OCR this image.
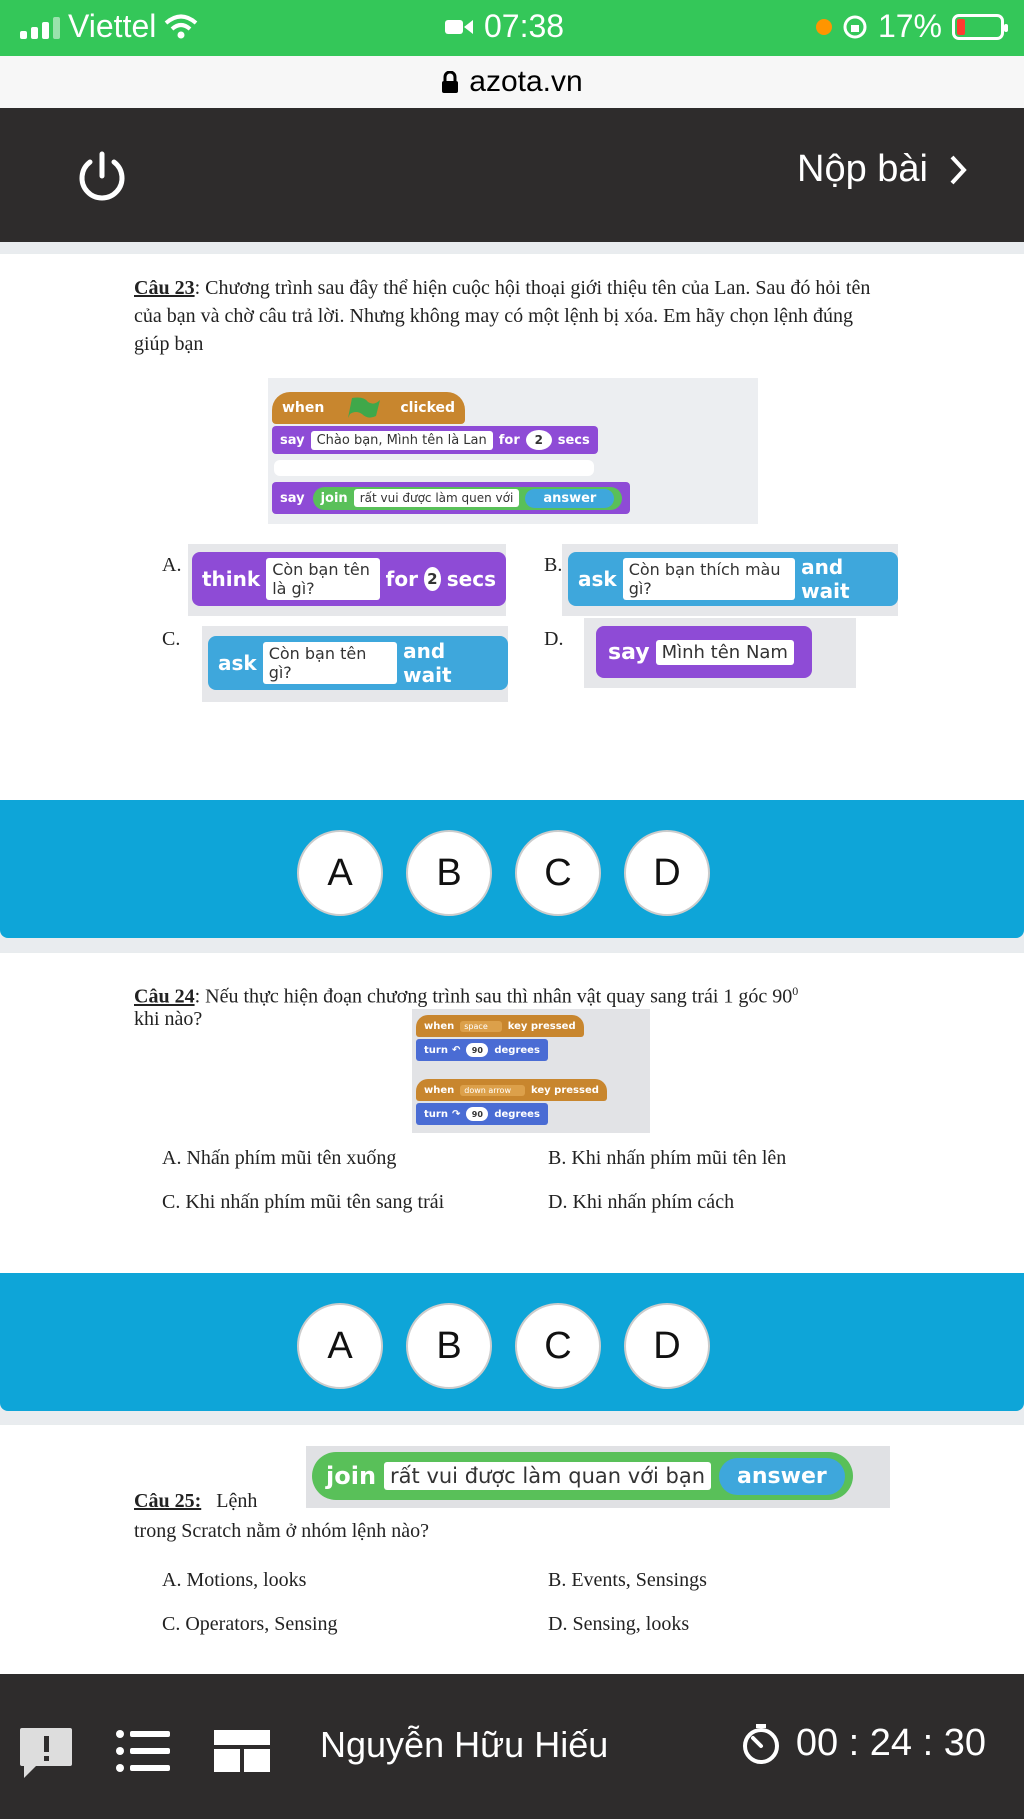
Viettel	07:38	17%
azota.vn
Nộp bài
Câu 23: Chương trình sau đây thể hiện cuộc hội thoại giới thiệu tên của Lan. Sau đó hỏi tên của bạn và chờ câu trả lời. Nhưng không may có một lệnh bị xóa. Em hãy chọn lệnh đúng giúp bạn
when	clicked
say Chào bạn, Mình tên là Lan for	2	secs
say join	rất vui được làm quen với	answer
A.
think Còn bạn tên là gì?	for 2 secs
B.
ask Còn bạn thích màu gì?
and wait
C.
ask Còn bạn tên gì?
and wait
D.
say Mình tên Nam
A	B	C	D
Câu 24: Nếu thực hiện đoạn chương trình sau thì nhân vật quay sang trái 1 góc $90^0$
khi nào?	when	space	key pressed
turn ↶	90	degrees
when	down arrow	key pressed
turn ↷	90	degrees
A. Nhấn phím mũi tên xuống	B. Khi nhấn phím mũi tên lên
C. Khi nhấn phím mũi tên sang trái	D. Khi nhấn phím cách
A	B	C	D
join rất vui được làm quan với bạn	answer
Câu 25: Lệnh
trong Scratch nằm ở nhóm lệnh nào?
A. Motions, looks	B. Events, Sensings
C. Operators, Sensing	D. Sensing, looks
Nguyễn Hữu Hiếu	00 : 24 : 30
